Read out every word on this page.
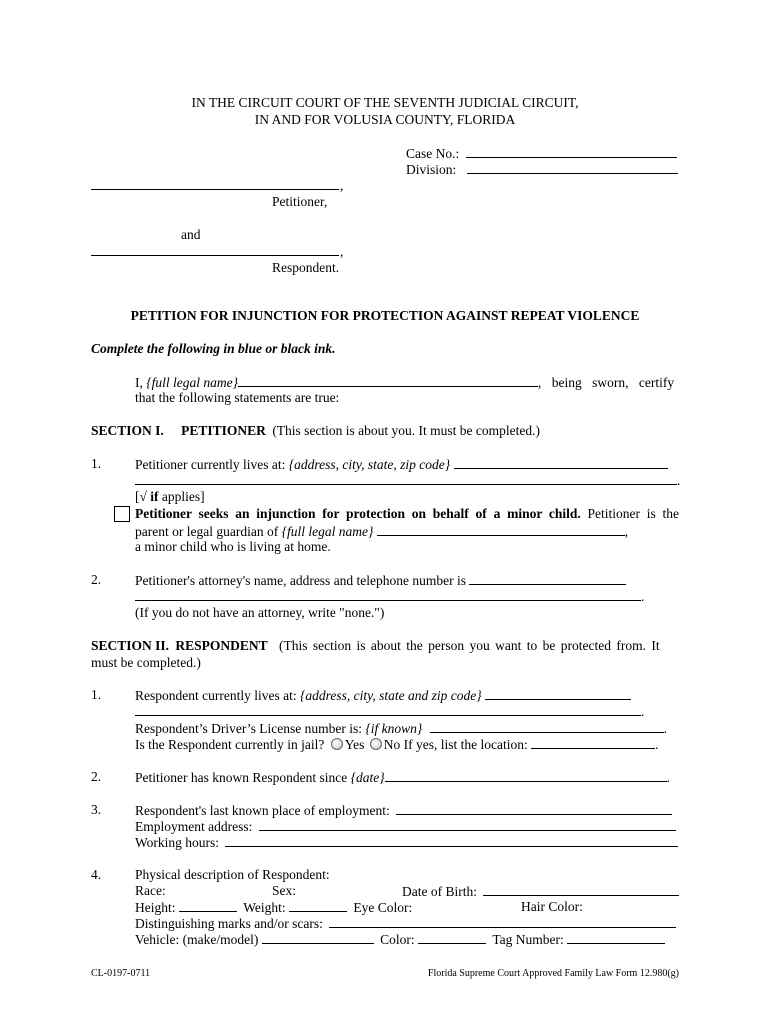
IN THE CIRCUIT COURT OF THE SEVENTH JUDICIAL CIRCUIT,
IN AND FOR VOLUSIA COUNTY, FLORIDA
Case No.:
Division:
,
Petitioner,
and
,
Respondent.
PETITION FOR INJUNCTION FOR PROTECTION AGAINST REPEAT VIOLENCE
Complete the following in blue or black ink.
I, {full legal name}	, being sworn, certify
that the following statements are true:
SECTION I. PETITIONER (This section is about you. It must be completed.)
1.	Petitioner currently lives at: {address, city, state, zip code}
.
[√ if applies]
Petitioner seeks an injunction for protection on behalf of a minor child. Petitioner is the
parent or legal guardian of {full legal name}	,
a minor child who is living at home.
2.	Petitioner's attorney's name, address and telephone number is
.
(If you do not have an attorney, write "none.")
SECTION II. RESPONDENT (This section is about the person you want to be protected from. It
must be completed.)
1.	Respondent currently lives at: {address, city, state and zip code}
.
Respondent’s Driver’s License number is: {if known}	.
Is the Respondent currently in jail? Yes No If yes, list the location:	.
2.	Petitioner has known Respondent since {date}	.
3.	Respondent's last known place of employment:
Employment address:
Working hours:
4.	Physical description of Respondent:
Race:	Sex:	Date of Birth:
Height:	Weight:	Eye Color:	Hair Color:
Distinguishing marks and/or scars:
Vehicle: (make/model)	Color:	Tag Number:
CL-0197-0711	Florida Supreme Court Approved Family Law Form 12.980(g)
